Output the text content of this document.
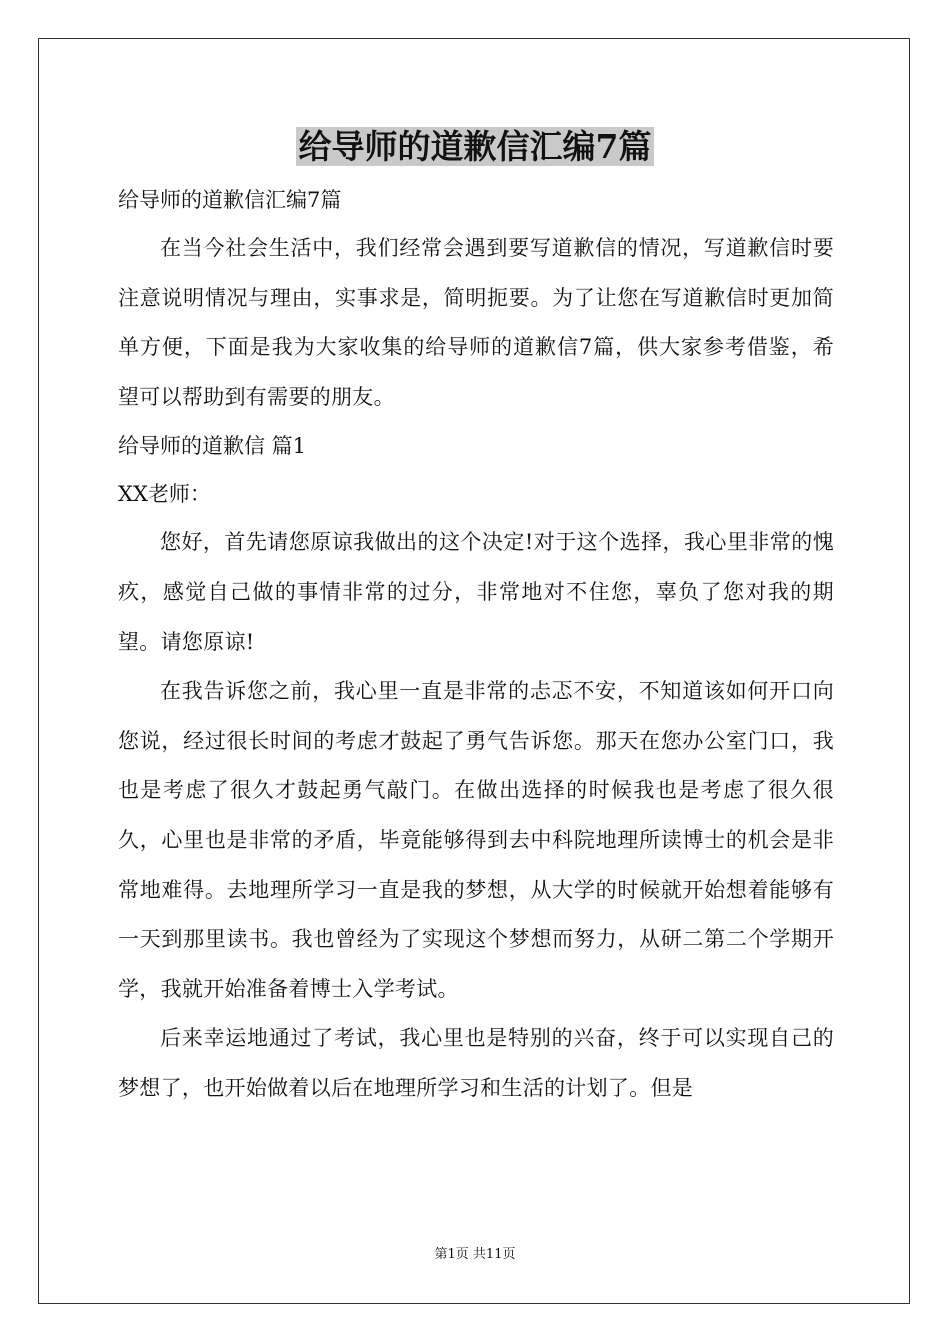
给导师的道歉信汇编7篇
给导师的道歉信汇编7篇

在当今社会生活中，我们经常会遇到要写道歉信的情况，写道歉信时要注意说明情况与理由，实事求是，简明扼要。为了让您在写道歉信时更加简单方便，下面是我为大家收集的给导师的道歉信7篇，供大家参考借鉴，希望可以帮助到有需要的朋友。

给导师的道歉信 篇1
XX老师：

您好，首先请您原谅我做出的这个决定!对于这个选择，我心里非常的愧疚，感觉自己做的事情非常的过分，非常地对不住您，辜负了您对我的期望。请您原谅!

在我告诉您之前，我心里一直是非常的忐忑不安，不知道该如何开口向您说，经过很长时间的考虑才鼓起了勇气告诉您。那天在您办公室门口，我也是考虑了很久才鼓起勇气敲门。在做出选择的时候我也是考虑了很久很久，心里也是非常的矛盾，毕竟能够得到去中科院地理所读博士的机会是非常地难得。去地理所学习一直是我的梦想，从大学的时候就开始想着能够有一天到那里读书。我也曾经为了实现这个梦想而努力，从研二第二个学期开学，我就开始准备着博士入学考试。

后来幸运地通过了考试，我心里也是特别的兴奋，终于可以实现自己的梦想了，也开始做着以后在地理所学习和生活的计划了。但是

第1页 共11页
